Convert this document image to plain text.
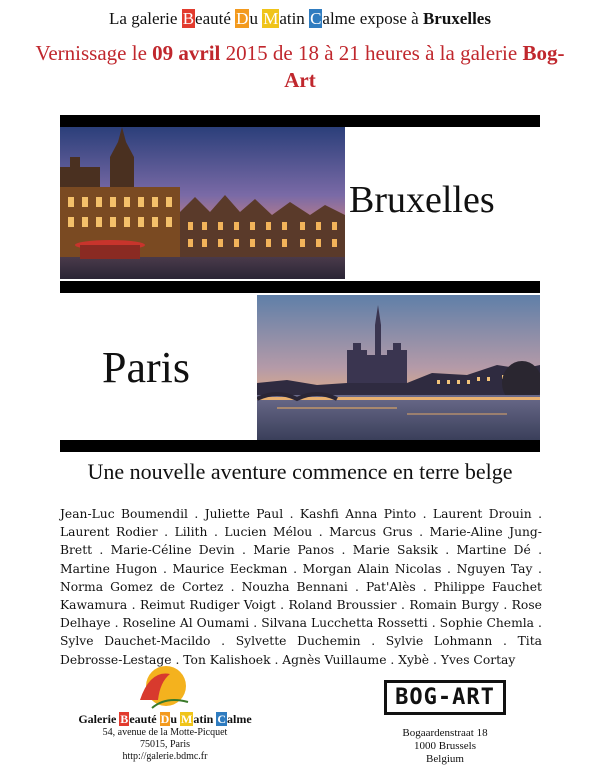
La galerie Beauté Du Matin Calme expose à Bruxelles
Vernissage le 09 avril 2015 de 18 à 21 heures à la galerie Bog-Art
Bruxelles
Paris
Une nouvelle aventure commence en terre belge
Jean-Luc Boumendil . Juliette Paul . Kashfi Anna Pinto . Laurent Drouin . Laurent Rodier . Lilith . Lucien Mélou . Marcus Grus . Marie-Aline Jung-Brett . Marie-Céline Devin . Marie Panos . Marie Saksik . Martine Dé . Martine Hugon . Maurice Eeckman . Morgan Alain Nicolas . Nguyen Tay . Norma Gomez de Cortez . Nouzha Bennani . Pat'Alès . Philippe Fauchet Kawamura . Reimut Rudiger Voigt . Roland Broussier . Romain Burgy . Rose Delhaye . Roseline Al Oumami . Silvana Lucchetta Rossetti . Sophie Chemla . Sylve Dauchet-Macildo . Sylvette Duchemin . Sylvie Lohmann . Tita Debrosse-Lestage . Ton Kalishoek . Agnès Vuillaume . Xybè . Yves Cortay
Galerie Beauté Du Matin Calme
54, avenue de la Motte-Picquet
75015, Paris
http://galerie.bdmc.fr
BOG-ART
Bogaardenstraat 18
1000 Brussels
Belgium
